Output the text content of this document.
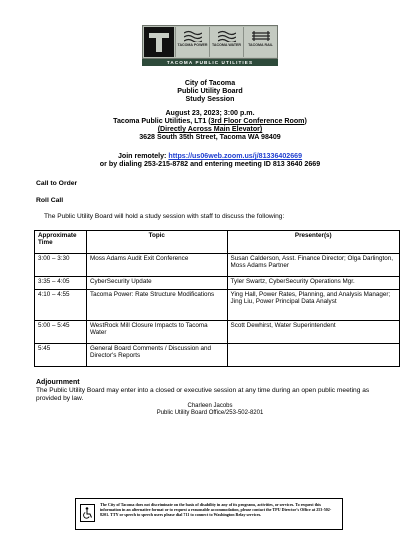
TACOMA POWER	TACOMA WATER	TACOMA RAIL
TACOMA PUBLIC UTILITIES
City of Tacoma
Public Utility Board
Study Session
August 23, 2023; 3:00 p.m.
Tacoma Public Utilities, LT1 (3rd Floor Conference Room)
(Directly Across Main Elevator)
3628 South 35th Street, Tacoma WA 98409
Join remotely: https://us06web.zoom.us/j/81336402669
or by dialing 253-215-8782 and entering meeting ID 813 3640 2669
Call to Order
Roll Call
The Public Utility Board will hold a study session with staff to discuss the following:
Approximate Time	Topic	Presenter(s)
3:00 – 3:30	Moss Adams Audit Exit Conference	Susan Calderson, Asst. Finance Director; Olga Darlington, Moss Adams Partner
3:35 – 4:05	CyberSecurity Update	Tyler Swartz, CyberSecurity Operations Mgr.
4:10 – 4:55	Tacoma Power: Rate Structure Modifications	Ying Hall, Power Rates, Planning, and Analysis Manager; Jing Liu, Power Principal Data Analyst
5:00 – 5:45	WestRock Mill Closure Impacts to Tacoma Water	Scott Dewhirst, Water Superintendent
5:45	General Board Comments / Discussion and Director's Reports	
Adjournment
The Public Utility Board may enter into a closed or executive session at any time during an open public meeting as provided by law.
Charleen Jacobs
Public Utility Board Office/253-502-8201
The City of Tacoma does not discriminate on the basis of disability in any of its programs, activities, or services. To request this information in an alternative format or to request a reasonable accommodation, please contact the TPU Director's Office at 253-502-8201. TTY or speech to speech users please dial 711 to connect to Washington Relay services.
